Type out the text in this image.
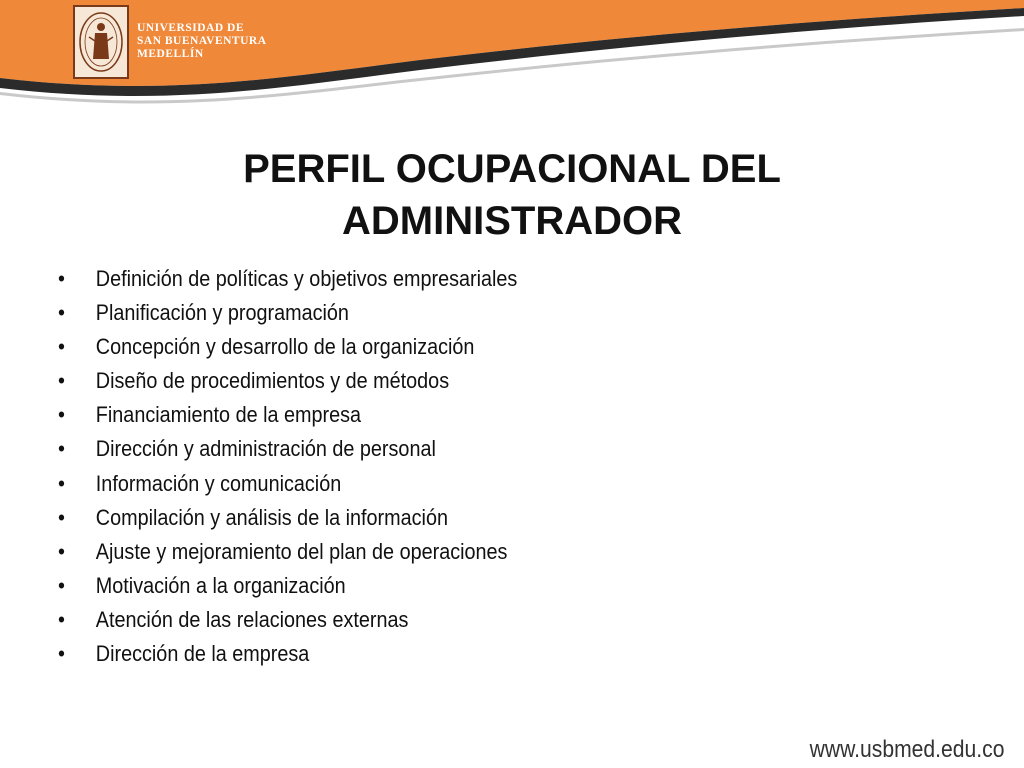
UNIVERSIDAD DE
SAN BUENAVENTURA
MEDELLÍN
PERFIL OCUPACIONAL DEL
ADMINISTRADOR
• Definición de políticas y objetivos empresariales
• Planificación y programación
• Concepción y desarrollo de la organización
• Diseño de procedimientos y de métodos
• Financiamiento de la empresa
• Dirección y administración de personal
• Información y comunicación
• Compilación y análisis de la información
• Ajuste y mejoramiento del plan de operaciones
• Motivación a la organización
• Atención de las relaciones externas
• Dirección de la empresa
www.usbmed.edu.co
